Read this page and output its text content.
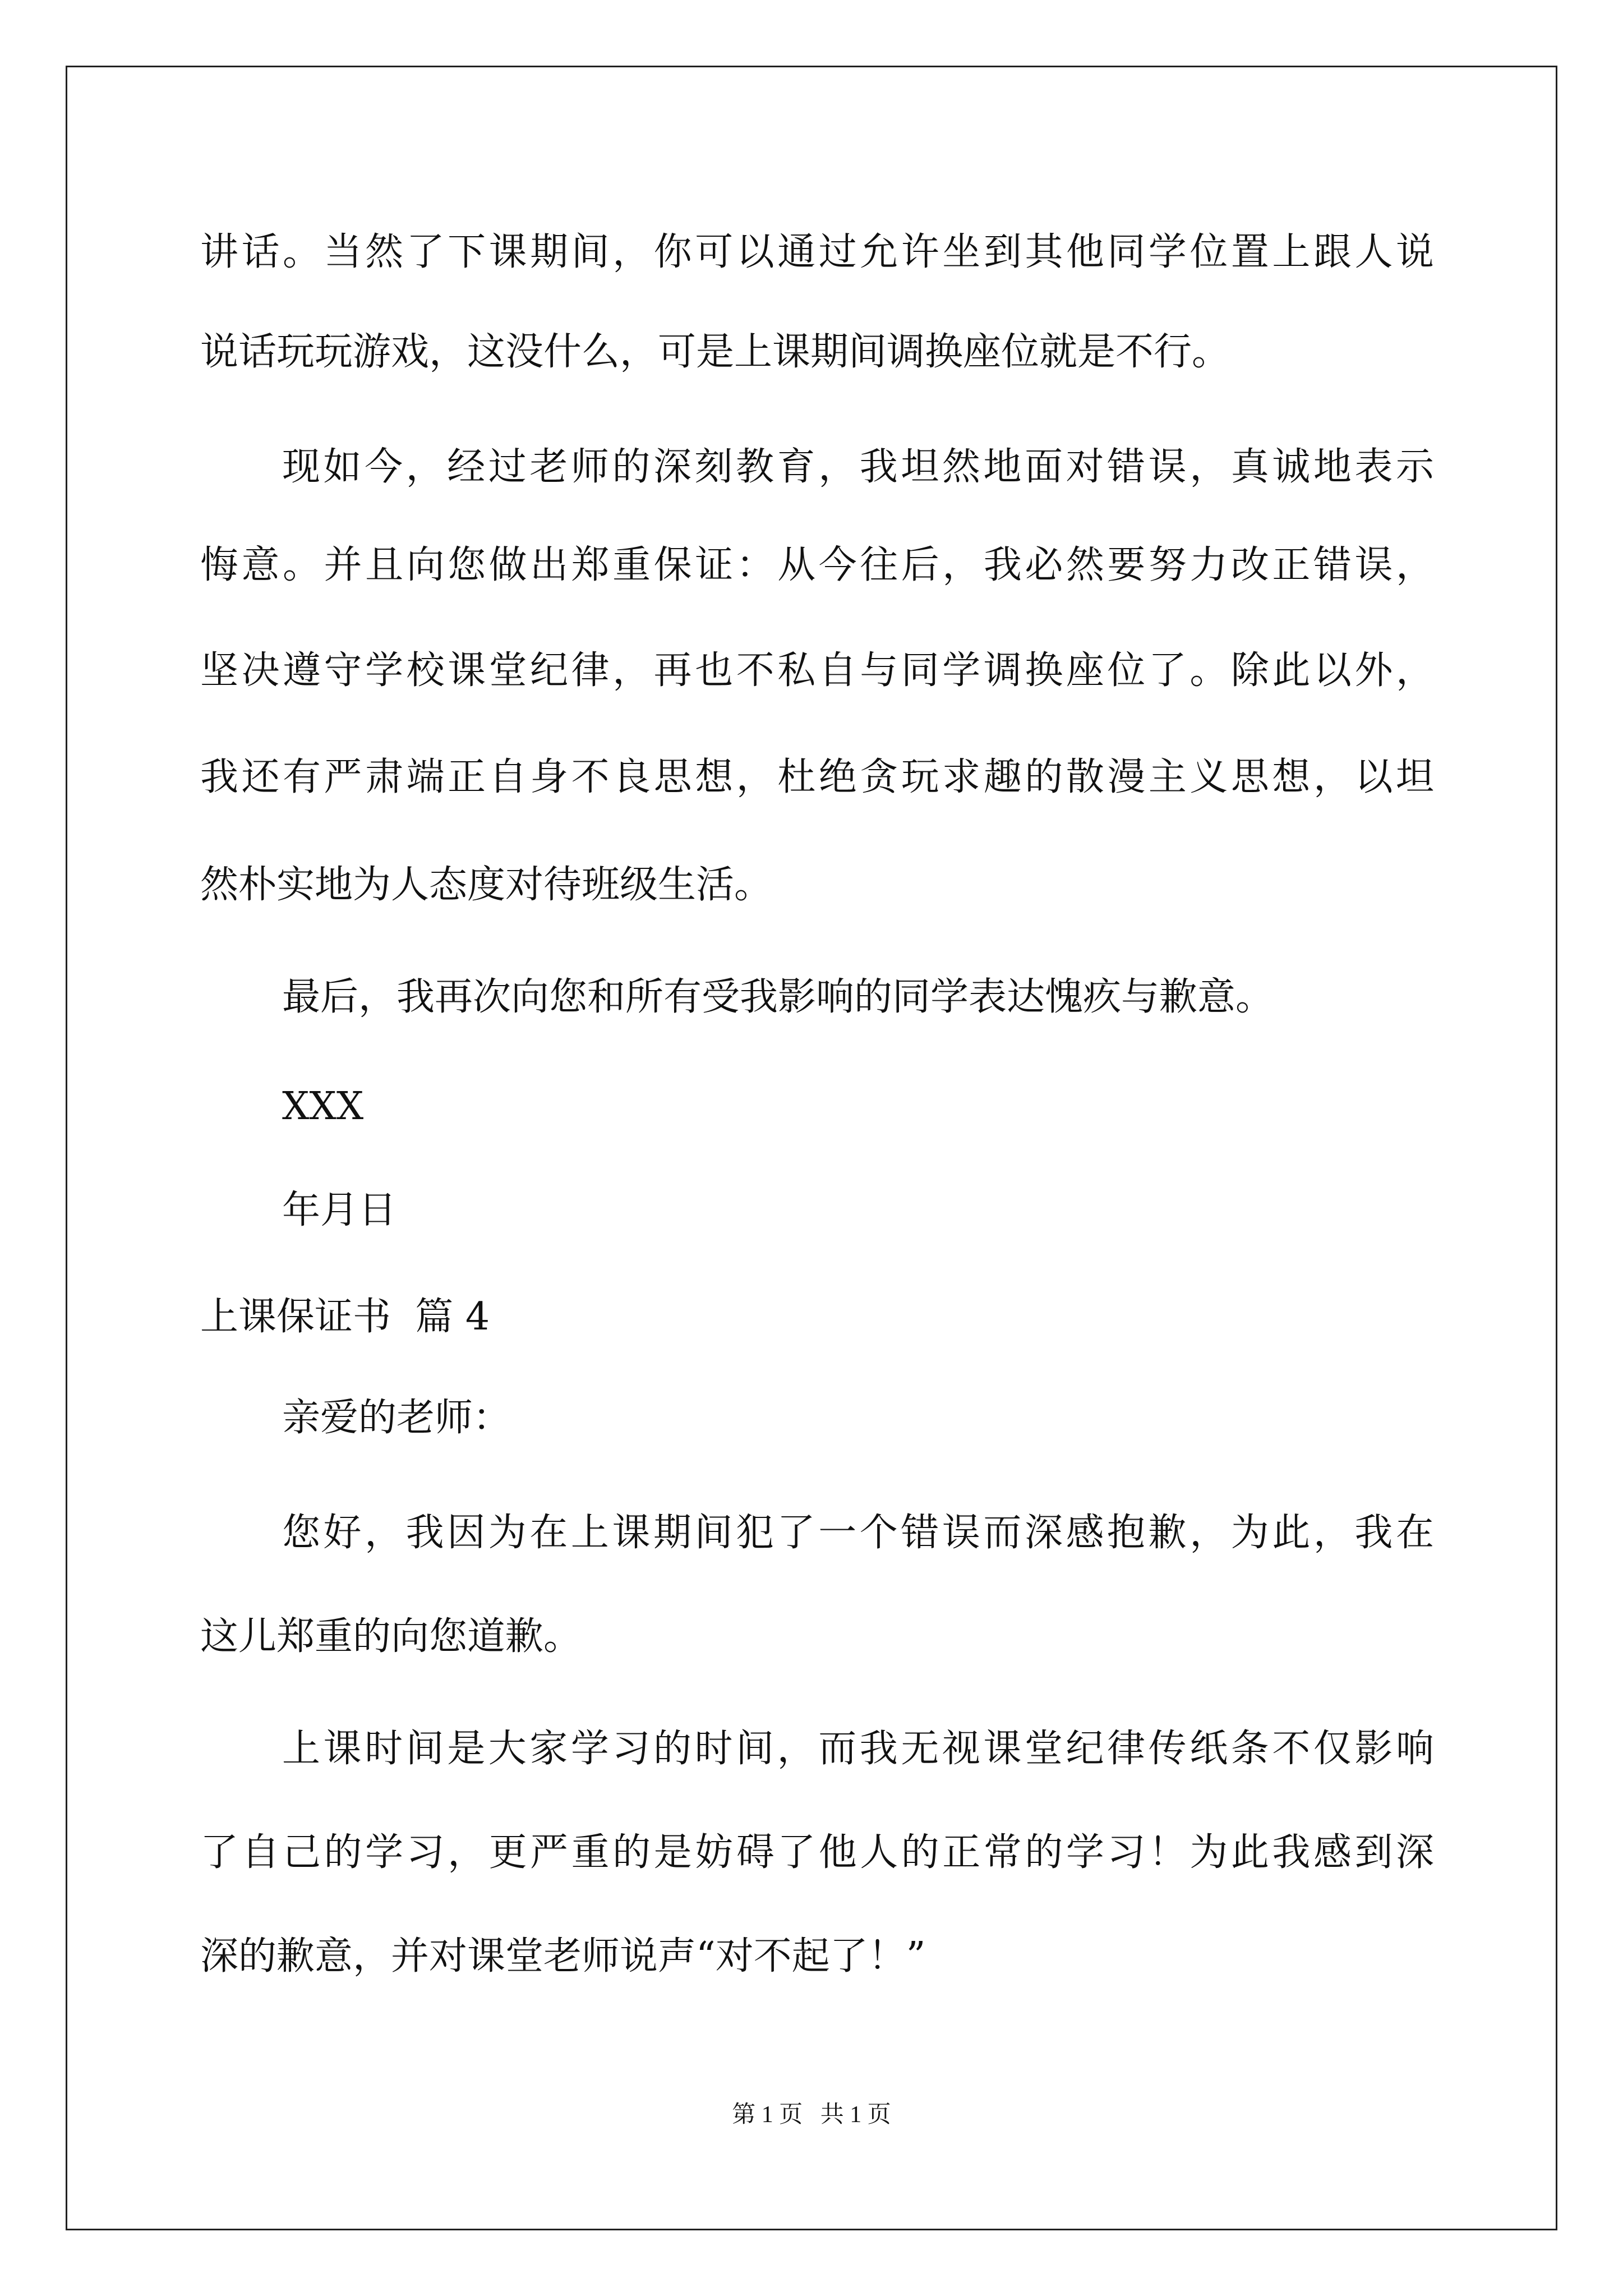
讲话。当然了下课期间，你可以通过允许坐到其他同学位置上跟人说
说话玩玩游戏，这没什么，可是上课期间调换座位就是不行。
现如今，经过老师的深刻教育，我坦然地面对错误，真诚地表示
悔意。并且向您做出郑重保证：从今往后，我必然要努力改正错误，
坚决遵守学校课堂纪律，再也不私自与同学调换座位了。除此以外，
我还有严肃端正自身不良思想，杜绝贪玩求趣的散漫主义思想，以坦
然朴实地为人态度对待班级生活。
最后，我再次向您和所有受我影响的同学表达愧疚与歉意。
XXX
年月日
上课保证书  篇 4
亲爱的老师：
您好，我因为在上课期间犯了一个错误而深感抱歉，为此，我在
这儿郑重的向您道歉。
上课时间是大家学习的时间，而我无视课堂纪律传纸条不仅影响
了自己的学习，更严重的是妨碍了他人的正常的学习！为此我感到深
深的歉意，并对课堂老师说声“对不起了！”
第 1 页   共 1 页
